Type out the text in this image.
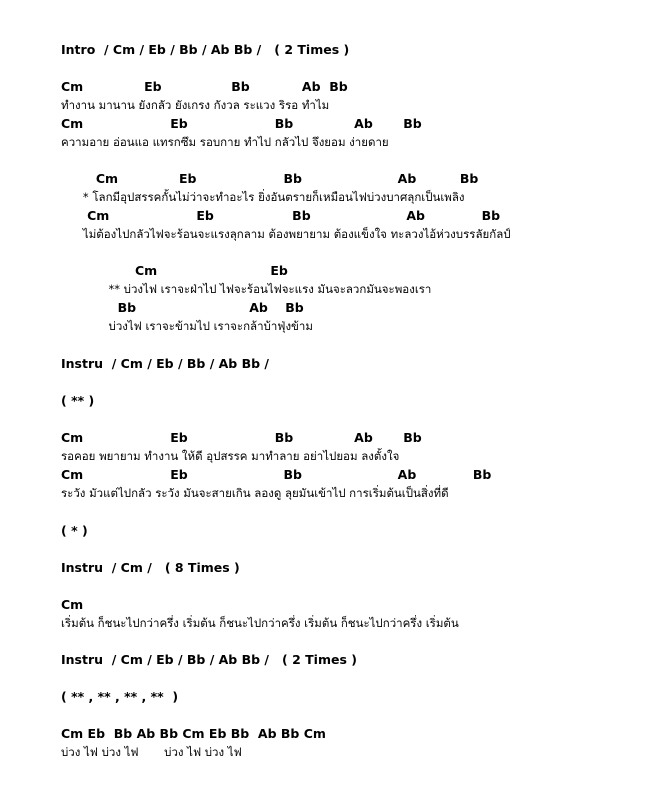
Intro  / Cm / Eb / Bb / Ab Bb /   ( 2 Times )
Cm              Eb                Bb            Ab  Bb
ทำงาน มานาน ยังกลัว ยังเกรง กังวล ระแวง ริรอ ทำไม
Cm                    Eb                    Bb              Ab       Bb
ความอาย อ่อนแอ แทรกซึม รอบกาย ทำไป กลัวไป จึงยอม ง่ายดาย
Cm              Eb                    Bb                      Ab          Bb
* โลกมีอุปสรรคกั้นไม่ว่าจะทำอะไร ยิ่งอันตรายก็เหมือนไฟบ่วงบาศลุกเป็นเพลิง
Cm                    Eb                  Bb                      Ab             Bb
ไม่ต้องไปกลัวไฟจะร้อนจะแรงลุกลาม ต้องพยายาม ต้องแข็งใจ ทะลวงไอ้ห่วงบรรลัยกัลป์
Cm                          Eb
** บ่วงไฟ เราจะฝ่าไป ไฟจะร้อนไฟจะแรง มันจะลวกมันจะพองเรา
Bb                          Ab    Bb
บ่วงไฟ เราจะข้ามไป เราจะกล้าบ้าฟุ่งข้าม
Instru  / Cm / Eb / Bb / Ab Bb /
( ** )
Cm                    Eb                    Bb              Ab       Bb
รอคอย พยายาม ทำงาน ให้ดี อุปสรรค มาทำลาย อย่าไปยอม ลงตั้งใจ
Cm                    Eb                      Bb                      Ab             Bb
ระวัง มัวแต่ไปกลัว ระวัง มันจะสายเกิน ลองดู ลุยมันเข้าไป การเริ่มต้นเป็นสิ่งที่ดี
( * )
Instru  / Cm /   ( 8 Times )
Cm
เริ่มต้น ก็ชนะไปกว่าครึ่ง เริ่มต้น ก็ชนะไปกว่าครึ่ง เริ่มต้น ก็ชนะไปกว่าครึ่ง เริ่มต้น
Instru  / Cm / Eb / Bb / Ab Bb /   ( 2 Times )
( ** , ** , ** , **  )
Cm Eb  Bb Ab Bb Cm Eb Bb  Ab Bb Cm
บ่วง ไฟ บ่วง ไฟ       บ่วง ไฟ บ่วง ไฟ
